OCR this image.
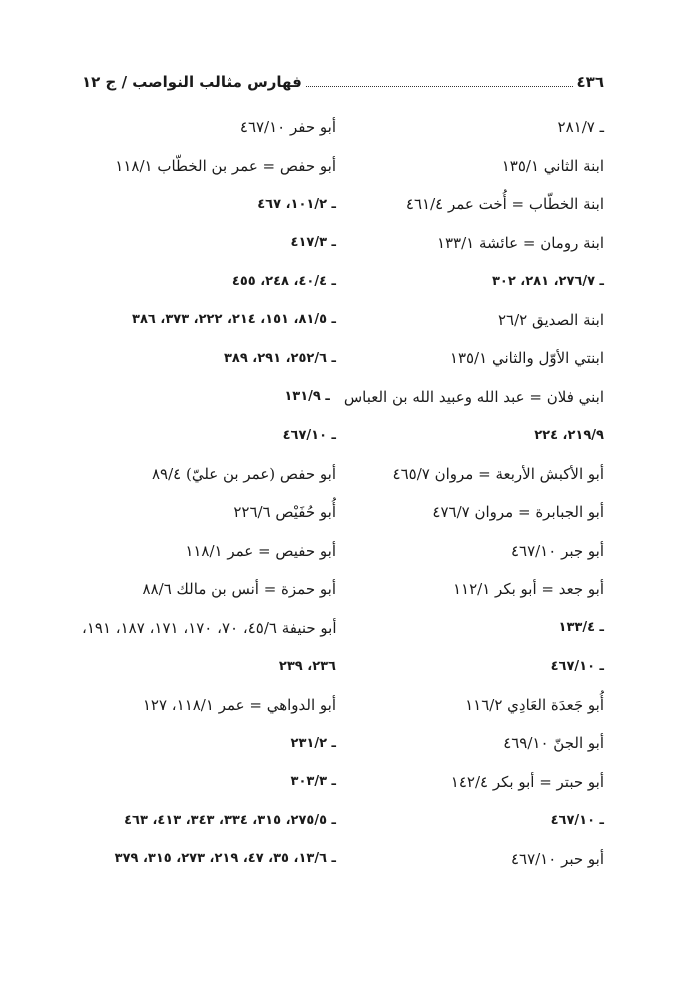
٤٣٦
فهارس مثالب النواصب / ج ١٢
ـ ٢٨١/٧
أبو حفر ٤٦٧/١٠
ابنة الثاني ١٣٥/١
أبو حفص = عمر بن الخطّاب ١١٨/١
ابنة الخطّاب = أُخت عمر ٤٦١/٤
ـ ١٠١/٢، ٤٦٧
ابنة رومان = عائشة ١٣٣/١
ـ ٤١٧/٣
ـ ٢٧٦/٧، ٢٨١، ٣٠٢
ـ ٤٠/٤، ٢٤٨، ٤٥٥
ابنة الصديق ٢٦/٢
ـ ٨١/٥، ١٥١، ٢١٤، ٢٢٢، ٣٧٣، ٣٨٦
ابنتي الأوّل والثاني ١٣٥/١
ـ ٢٥٢/٦، ٢٩١، ٣٨٩
ابني فلان = عبد الله وعبيد الله بن العباس
ـ ١٣١/٩
٢١٩/٩، ٢٢٤
ـ ٤٦٧/١٠
أبو الأكبش الأربعة = مروان ٤٦٥/٧
أبو حفص (عمر بن عليّ) ٨٩/٤
أبو الجبابرة = مروان ٤٧٦/٧
أُبو حُفَيْص ٢٢٦/٦
أبو جبر ٤٦٧/١٠
أبو حفيص = عمر ١١٨/١
أبو جعد = أبو بكر ١١٢/١
أبو حمزة = أنس بن مالك ٨٨/٦
ـ ١٣٣/٤
أبو حنيفة ٤٥/٦، ٧٠، ١٧٠، ١٧١، ١٨٧، ١٩١،
ـ ٤٦٧/١٠
٢٣٦، ٢٣٩
أُبو جَعدَة العَادِي ١١٦/٢
أبو الدواهي = عمر ١١٨/١، ١٢٧
أبو الجنّ ٤٦٩/١٠
ـ ٢٣١/٢
أبو حبتر = أبو بكر ١٤٢/٤
ـ ٣٠٣/٣
ـ ٤٦٧/١٠
ـ ٢٧٥/٥، ٣١٥، ٣٣٤، ٣٤٣، ٤١٣، ٤٦٣
أبو حبر ٤٦٧/١٠
ـ ١٣/٦، ٣٥، ٤٧، ٢١٩، ٢٧٣، ٣١٥، ٣٧٩
